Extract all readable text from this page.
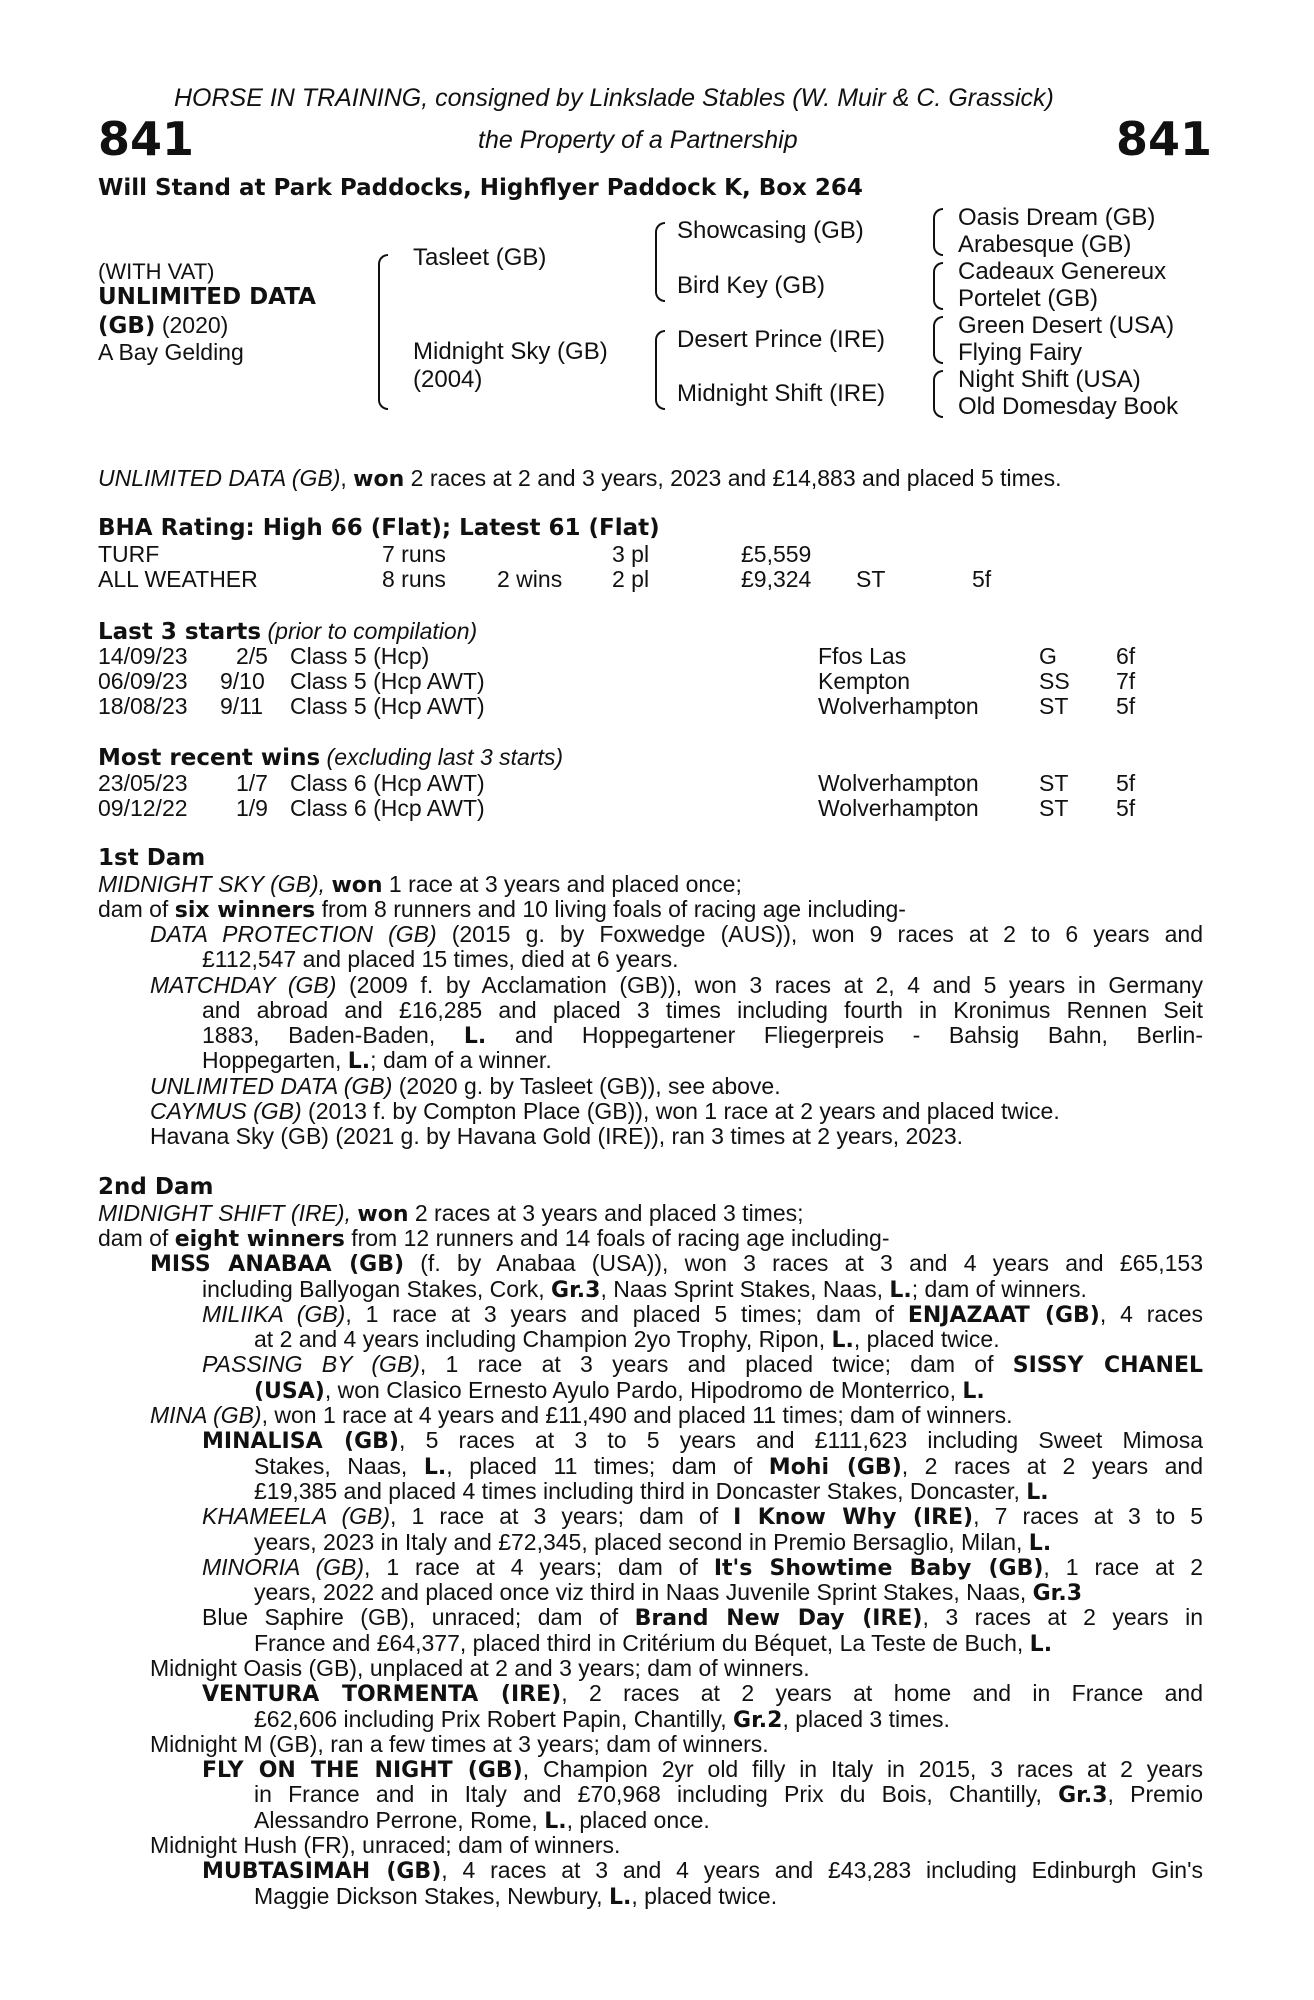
HORSE IN TRAINING, consigned by Linkslade Stables (W. Muir & C. Grassick)
841	the Property of a Partnership	841
Will Stand at Park Paddocks, Highflyer Paddock K, Box 264
(WITH VAT)
UNLIMITED DATA
(GB) (2020)
A Bay Gelding
Tasleet (GB)
Midnight Sky (GB)
(2004)
Showcasing (GB)
Bird Key (GB)
Desert Prince (IRE)
Midnight Shift (IRE)
Oasis Dream (GB)
Arabesque (GB)
Cadeaux Genereux
Portelet (GB)
Green Desert (USA)
Flying Fairy
Night Shift (USA)
Old Domesday Book
UNLIMITED DATA (GB), won 2 races at 2 and 3 years, 2023 and £14,883 and placed 5 times.
BHA Rating: High 66 (Flat); Latest 61 (Flat)
TURF	7 runs	3 pl	£5,559
ALL WEATHER	8 runs 2 wins 2 pl	£9,324 ST	5f
Last 3 starts (prior to compilation)
14/09/23 2/5 Class 5 (Hcp)	Ffos Las	G	6f
06/09/23 9/10 Class 5 (Hcp AWT)	Kempton	SS 7f
18/08/23 9/11 Class 5 (Hcp AWT)	Wolverhampton	ST 5f
Most recent wins (excluding last 3 starts)
23/05/23 1/7 Class 6 (Hcp AWT)	Wolverhampton	ST 5f
09/12/22 1/9 Class 6 (Hcp AWT)	Wolverhampton	ST 5f
1st Dam
MIDNIGHT SKY (GB), won 1 race at 3 years and placed once;
dam of six winners from 8 runners and 10 living foals of racing age including-
DATA PROTECTION (GB) (2015 g. by Foxwedge (AUS)), won 9 races at 2 to 6 years and
£112,547 and placed 15 times, died at 6 years.
MATCHDAY (GB) (2009 f. by Acclamation (GB)), won 3 races at 2, 4 and 5 years in Germany
and abroad and £16,285 and placed 3 times including fourth in Kronimus Rennen Seit
1883, Baden-Baden, L. and Hoppegartener Fliegerpreis - Bahsig Bahn, Berlin-
Hoppegarten, L.; dam of a winner.
UNLIMITED DATA (GB) (2020 g. by Tasleet (GB)), see above.
CAYMUS (GB) (2013 f. by Compton Place (GB)), won 1 race at 2 years and placed twice.
Havana Sky (GB) (2021 g. by Havana Gold (IRE)), ran 3 times at 2 years, 2023.
2nd Dam
MIDNIGHT SHIFT (IRE), won 2 races at 3 years and placed 3 times;
dam of eight winners from 12 runners and 14 foals of racing age including-
MISS ANABAA (GB) (f. by Anabaa (USA)), won 3 races at 3 and 4 years and £65,153
including Ballyogan Stakes, Cork, Gr.3, Naas Sprint Stakes, Naas, L.; dam of winners.
MILIIKA (GB), 1 race at 3 years and placed 5 times; dam of ENJAZAAT (GB), 4 races
at 2 and 4 years including Champion 2yo Trophy, Ripon, L., placed twice.
PASSING BY (GB), 1 race at 3 years and placed twice; dam of SISSY CHANEL
(USA), won Clasico Ernesto Ayulo Pardo, Hipodromo de Monterrico, L.
MINA (GB), won 1 race at 4 years and £11,490 and placed 11 times; dam of winners.
MINALISA (GB), 5 races at 3 to 5 years and £111,623 including Sweet Mimosa
Stakes, Naas, L., placed 11 times; dam of Mohi (GB), 2 races at 2 years and
£19,385 and placed 4 times including third in Doncaster Stakes, Doncaster, L.
KHAMEELA (GB), 1 race at 3 years; dam of I Know Why (IRE), 7 races at 3 to 5
years, 2023 in Italy and £72,345, placed second in Premio Bersaglio, Milan, L.
MINORIA (GB), 1 race at 4 years; dam of It's Showtime Baby (GB), 1 race at 2
years, 2022 and placed once viz third in Naas Juvenile Sprint Stakes, Naas, Gr.3
Blue Saphire (GB), unraced; dam of Brand New Day (IRE), 3 races at 2 years in
France and £64,377, placed third in Critérium du Béquet, La Teste de Buch, L.
Midnight Oasis (GB), unplaced at 2 and 3 years; dam of winners.
VENTURA TORMENTA (IRE), 2 races at 2 years at home and in France and
£62,606 including Prix Robert Papin, Chantilly, Gr.2, placed 3 times.
Midnight M (GB), ran a few times at 3 years; dam of winners.
FLY ON THE NIGHT (GB), Champion 2yr old filly in Italy in 2015, 3 races at 2 years
in France and in Italy and £70,968 including Prix du Bois, Chantilly, Gr.3, Premio
Alessandro Perrone, Rome, L., placed once.
Midnight Hush (FR), unraced; dam of winners.
MUBTASIMAH (GB), 4 races at 3 and 4 years and £43,283 including Edinburgh Gin's
Maggie Dickson Stakes, Newbury, L., placed twice.
